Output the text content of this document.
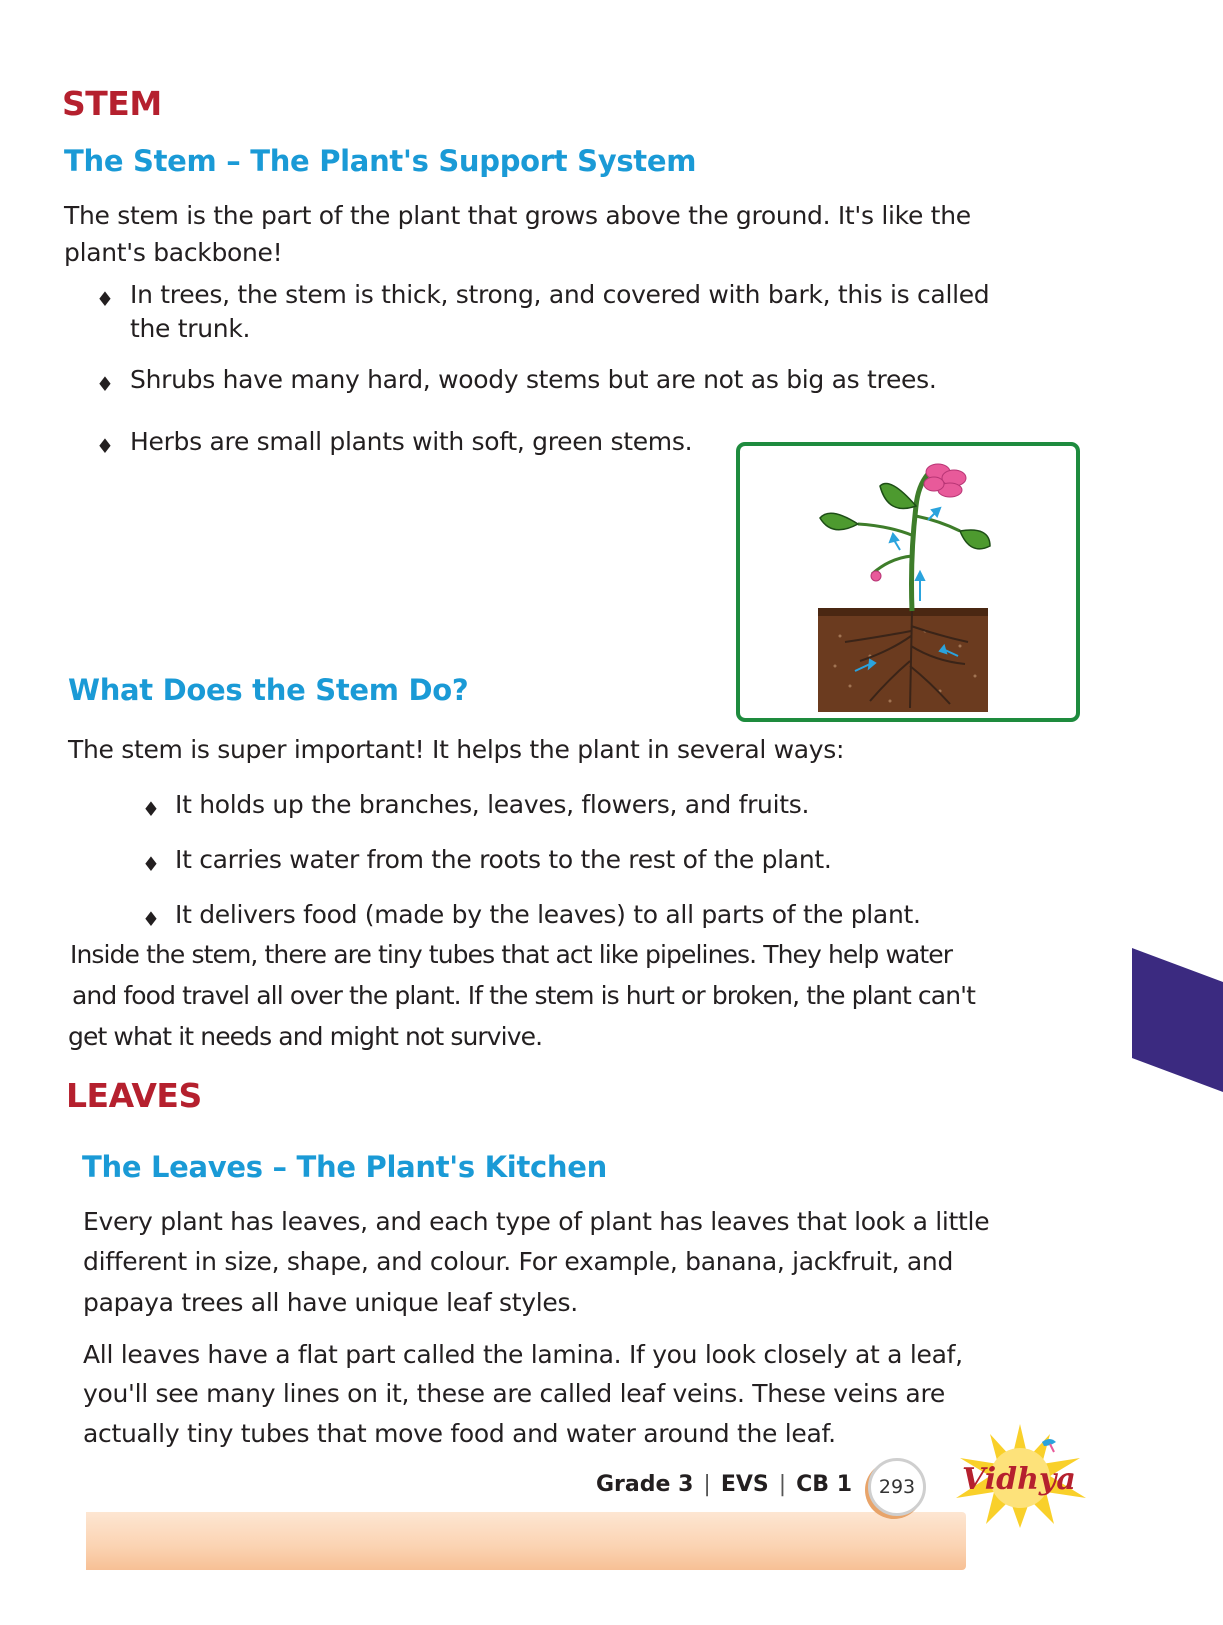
STEM
The Stem – The Plant's Support System
The stem is the part of the plant that grows above the ground. It's like the
plant's backbone!
♦ In trees, the stem is thick, strong, and covered with bark, this is called
the trunk.
♦ Shrubs have many hard, woody stems but are not as big as trees.
♦ Herbs are small plants with soft, green stems.
What Does the Stem Do?
The stem is super important! It helps the plant in several ways:
♦ It holds up the branches, leaves, flowers, and fruits.
♦ It carries water from the roots to the rest of the plant.
♦ It delivers food (made by the leaves) to all parts of the plant.
Inside the stem, there are tiny tubes that act like pipelines. They help water
and food travel all over the plant. If the stem is hurt or broken, the plant can't
get what it needs and might not survive.
LEAVES
The Leaves – The Plant's Kitchen
Every plant has leaves, and each type of plant has leaves that look a little
different in size, shape, and colour. For example, banana, jackfruit, and
papaya trees all have unique leaf styles.
All leaves have a flat part called the lamina. If you look closely at a leaf,
you'll see many lines on it, these are called leaf veins. These veins are
actually tiny tubes that move food and water around the leaf.
Grade 3 | EVS | CB 1	293	Vidhya
